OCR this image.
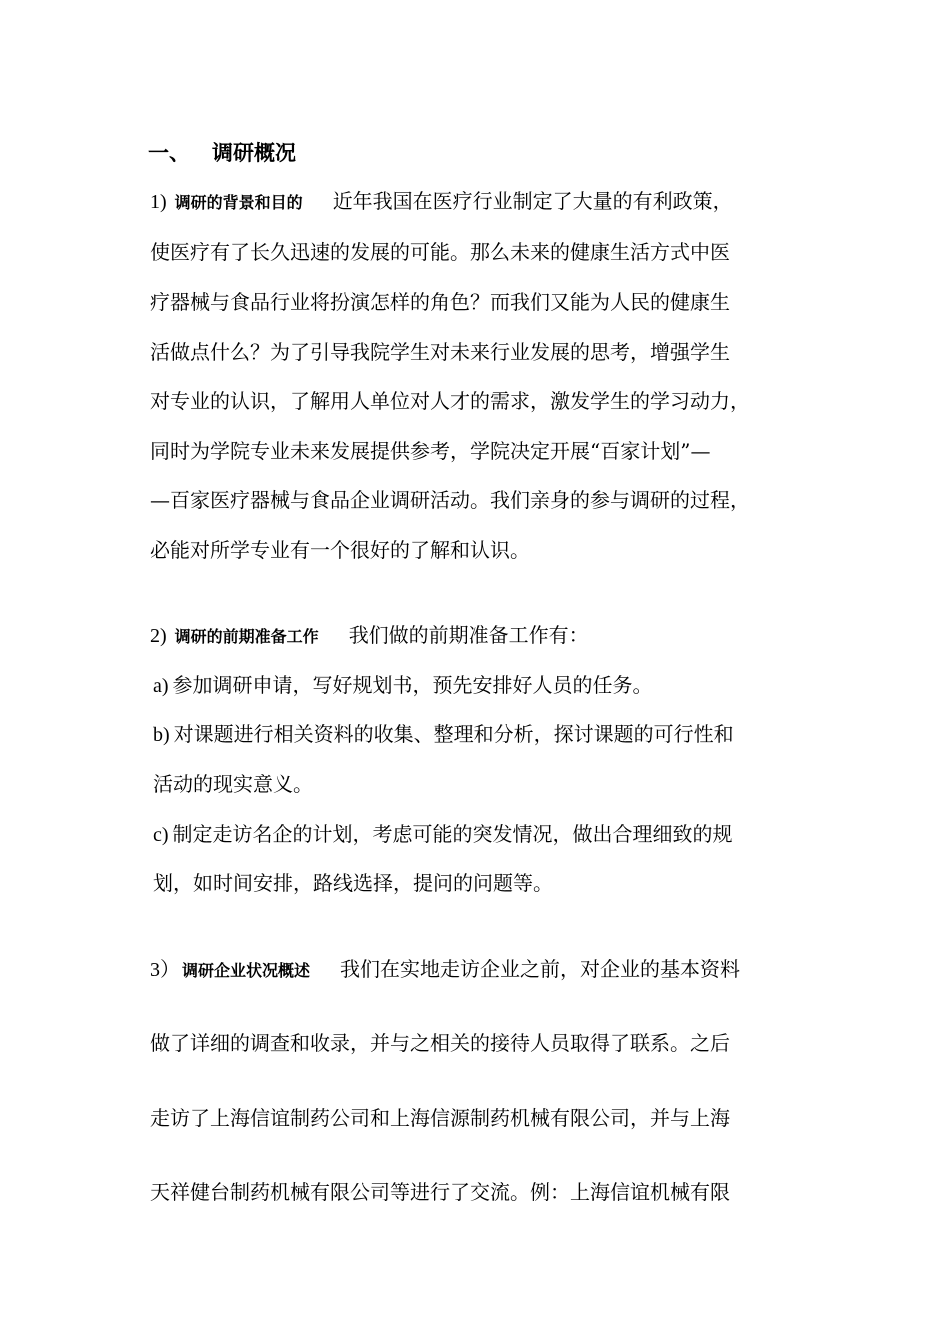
一、 调研概况
1) 调研的背景和目的 近年我国在医疗行业制定了大量的有利政策，
使医疗有了长久迅速的发展的可能。那么未来的健康生活方式中医
疗器械与食品行业将扮演怎样的角色？而我们又能为人民的健康生
活做点什么？为了引导我院学生对未来行业发展的思考，增强学生
对专业的认识，了解用人单位对人才的需求，激发学生的学习动力，
同时为学院专业未来发展提供参考，学院决定开展“百家计划”—
—百家医疗器械与食品企业调研活动。我们亲身的参与调研的过程，
必能对所学专业有一个很好的了解和认识。
2) 调研的前期准备工作 我们做的前期准备工作有：
a) 参加调研申请，写好规划书，预先安排好人员的任务。
b) 对课题进行相关资料的收集、整理和分析，探讨课题的可行性和
活动的现实意义。
c) 制定走访名企的计划，考虑可能的突发情况，做出合理细致的规
划，如时间安排，路线选择，提问的问题等。
3） 调研企业状况概述 我们在实地走访企业之前，对企业的基本资料
做了详细的调查和收录，并与之相关的接待人员取得了联系。之后
走访了上海信谊制药公司和上海信源制药机械有限公司，并与上海
天祥健台制药机械有限公司等进行了交流。例：上海信谊机械有限
